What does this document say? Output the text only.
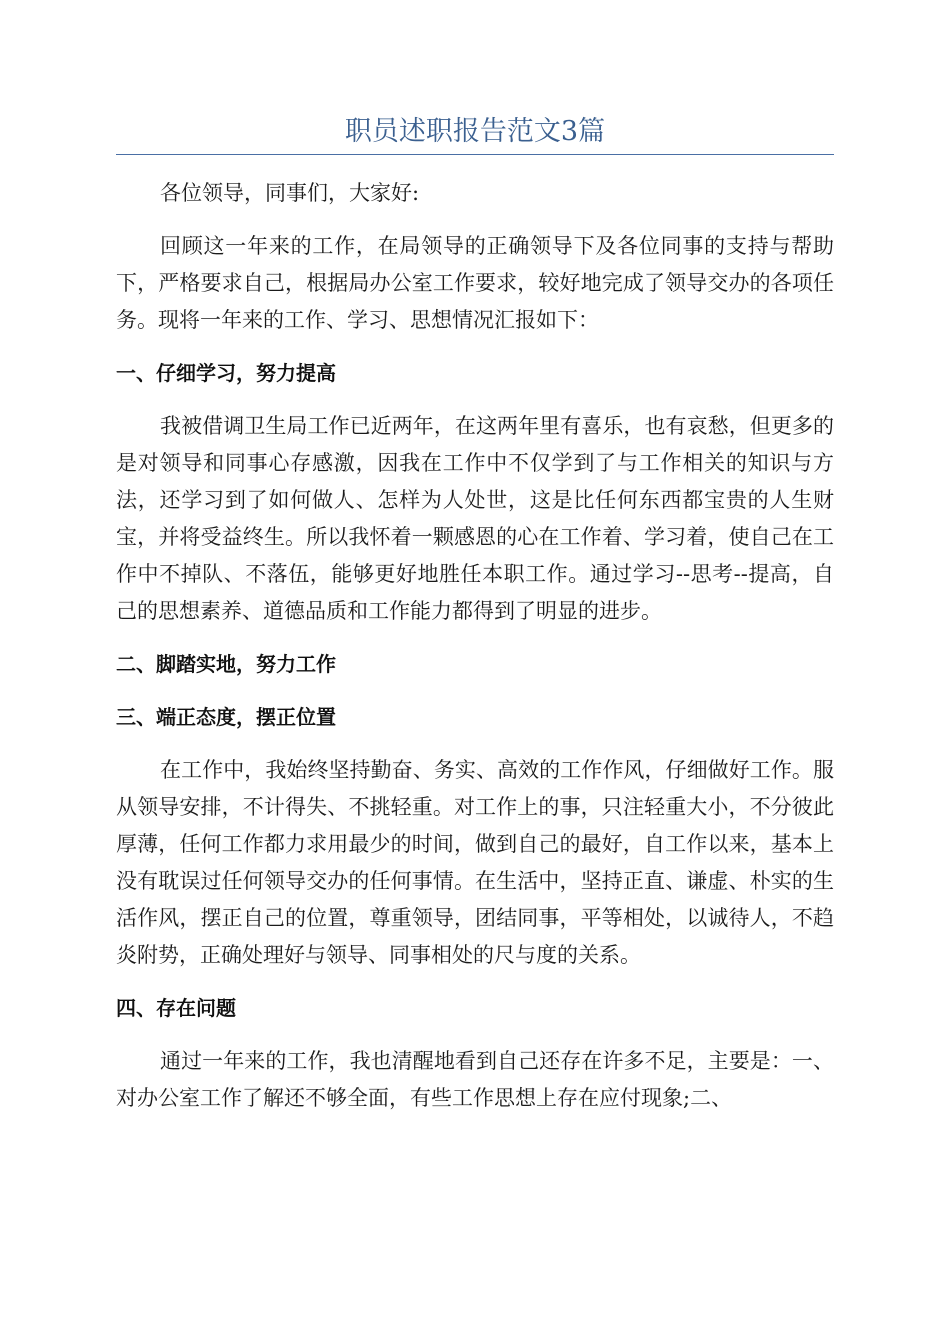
职员述职报告范文3篇

各位领导，同事们，大家好:

回顾这一年来的工作，在局领导的正确领导下及各位同事的支持与帮助下，严格要求自己，根据局办公室工作要求，较好地完成了领导交办的各项任务。现将一年来的工作、学习、思想情况汇报如下：

一、仔细学习，努力提高

我被借调卫生局工作已近两年，在这两年里有喜乐，也有哀愁，但更多的是对领导和同事心存感激，因我在工作中不仅学到了与工作相关的知识与方法，还学习到了如何做人、怎样为人处世，这是比任何东西都宝贵的人生财宝，并将受益终生。所以我怀着一颗感恩的心在工作着、学习着，使自己在工作中不掉队、不落伍，能够更好地胜任本职工作。通过学习--思考--提高，自己的思想素养、道德品质和工作能力都得到了明显的进步。

二、脚踏实地，努力工作
三、端正态度，摆正位置

在工作中，我始终坚持勤奋、务实、高效的工作作风，仔细做好工作。服从领导安排，不计得失、不挑轻重。对工作上的事，只注轻重大小，不分彼此厚薄，任何工作都力求用最少的时间，做到自己的最好，自工作以来，基本上没有耽误过任何领导交办的任何事情。在生活中，坚持正直、谦虚、朴实的生活作风，摆正自己的位置，尊重领导，团结同事，平等相处，以诚待人，不趋炎附势，正确处理好与领导、同事相处的尺与度的关系。

四、存在问题

通过一年来的工作，我也清醒地看到自己还存在许多不足，主要是：一、对办公室工作了解还不够全面，有些工作思想上存在应付现象;二、
